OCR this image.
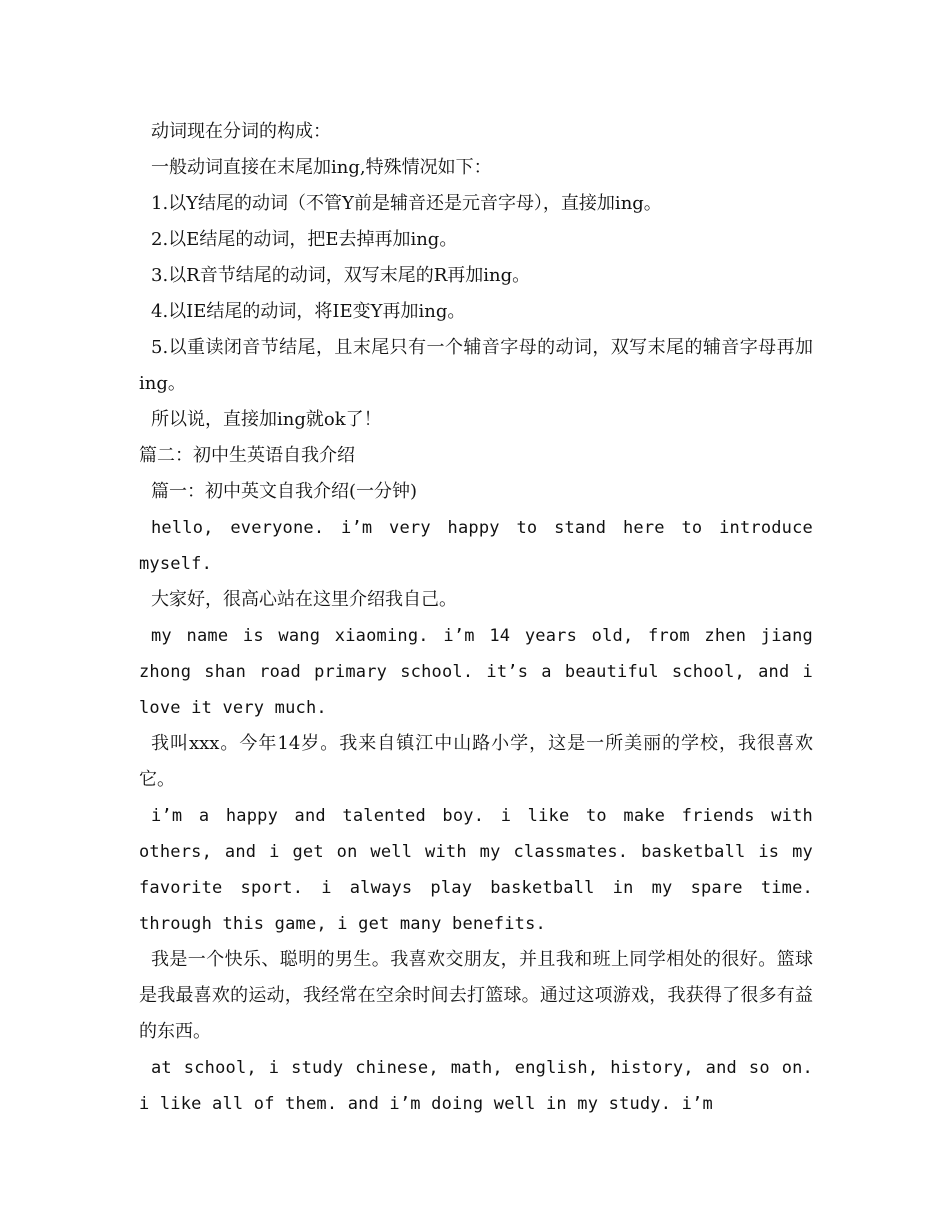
动词现在分词的构成：

一般动词直接在末尾加ing,特殊情况如下：

1.以Y结尾的动词（不管Y前是辅音还是元音字母），直接加ing。

2.以E结尾的动词，把E去掉再加ing。

3.以R音节结尾的动词，双写末尾的R再加ing。

4.以IE结尾的动词，将IE变Y再加ing。

5.以重读闭音节结尾，且末尾只有一个辅音字母的动词，双写末尾的辅音字母再加ing。

所以说，直接加ing就ok了！

篇二：初中生英语自我介绍

篇一：初中英文自我介绍(一分钟)

hello, everyone. i’m very happy to stand here to introduce myself.

大家好，很高心站在这里介绍我自己。

my name is wang xiaoming. i’m 14 years old, from zhen jiang zhong shan road primary school. it’s a beautiful school, and i love it very much.

我叫xxx。今年14岁。我来自镇江中山路小学，这是一所美丽的学校，我很喜欢它。

i’m a happy and talented boy. i like to make friends with others, and i get on well with my classmates. basketball is my favorite sport. i always play basketball in my spare time. through this game, i get many benefits.

我是一个快乐、聪明的男生。我喜欢交朋友，并且我和班上同学相处的很好。篮球是我最喜欢的运动，我经常在空余时间去打篮球。通过这项游戏，我获得了很多有益的东西。

at school, i study chinese, math, english, history, and so on. i like all of them. and i’m doing well in my study. i’m
